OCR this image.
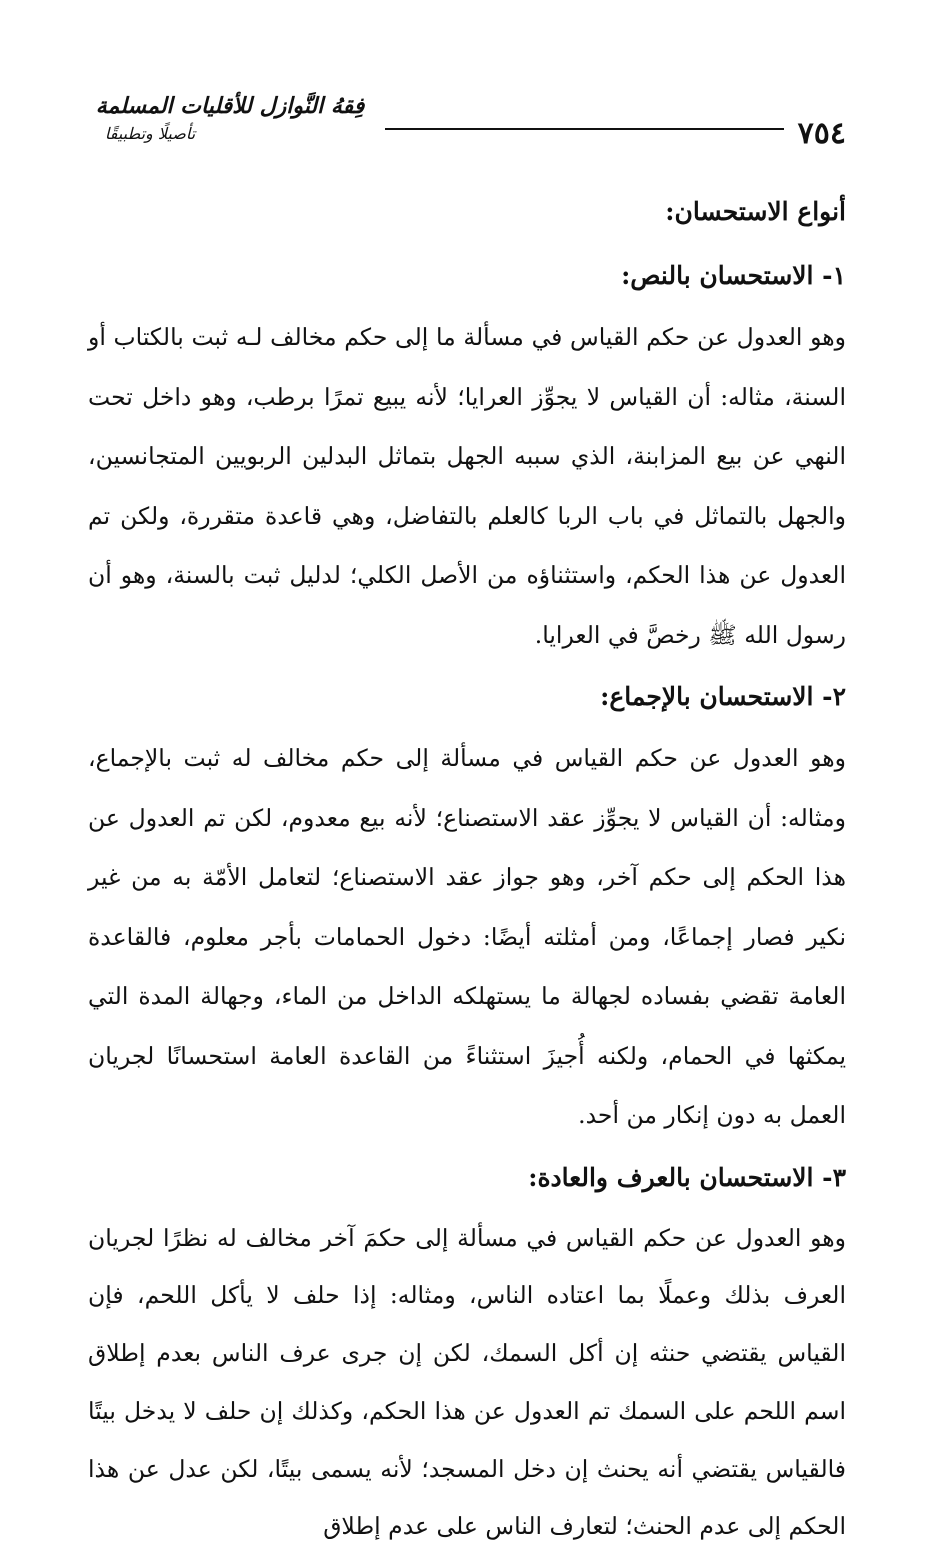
٧٥٤
فِقهُ النَّوازل للأقليات المسلمة
تأصيلًا وتطبيقًا

أنواع الاستحسان:

١- الاستحسان بالنص:

وهو العدول عن حكم القياس في مسألة ما إلى حكم مخالف لـه ثبت بالكتاب أو السنة، مثاله: أن القياس لا يجوِّز العرايا؛ لأنه يبيع تمرًا برطب، وهو داخل تحت النهي عن بيع المزابنة، الذي سببه الجهل بتماثل البدلين الربويين المتجانسين، والجهل بالتماثل في باب الربا كالعلم بالتفاضل، وهي قاعدة متقررة، ولكن تم العدول عن هذا الحكم، واستثناؤه من الأصل الكلي؛ لدليل ثبت بالسنة، وهو أن رسول الله ﷺ رخصَّ في العرايا.

٢- الاستحسان بالإجماع:

وهو العدول عن حكم القياس في مسألة إلى حكم مخالف له ثبت بالإجماع، ومثاله: أن القياس لا يجوِّز عقد الاستصناع؛ لأنه بيع معدوم، لكن تم العدول عن هذا الحكم إلى حكم آخر، وهو جواز عقد الاستصناع؛ لتعامل الأمّة به من غير نكير فصار إجماعًا، ومن أمثلته أيضًا: دخول الحمامات بأجر معلوم، فالقاعدة العامة تقضي بفساده لجهالة ما يستهلكه الداخل من الماء، وجهالة المدة التي يمكثها في الحمام، ولكنه أُجيزَ استثناءً من القاعدة العامة استحسانًا لجريان العمل به دون إنكار من أحد.

٣- الاستحسان بالعرف والعادة:

وهو العدول عن حكم القياس في مسألة إلى حكمَ آخر مخالف له نظرًا لجريان العرف بذلك وعملًا بما اعتاده الناس، ومثاله: إذا حلف لا يأكل اللحم، فإن القياس يقتضي حنثه إن أكل السمك، لكن إن جرى عرف الناس بعدم إطلاق اسم اللحم على السمك تم العدول عن هذا الحكم، وكذلك إن حلف لا يدخل بيتًا فالقياس يقتضي أنه يحنث إن دخل المسجد؛ لأنه يسمى بيتًا، لكن عدل عن هذا الحكم إلى عدم الحنث؛ لتعارف الناس على عدم إطلاق
